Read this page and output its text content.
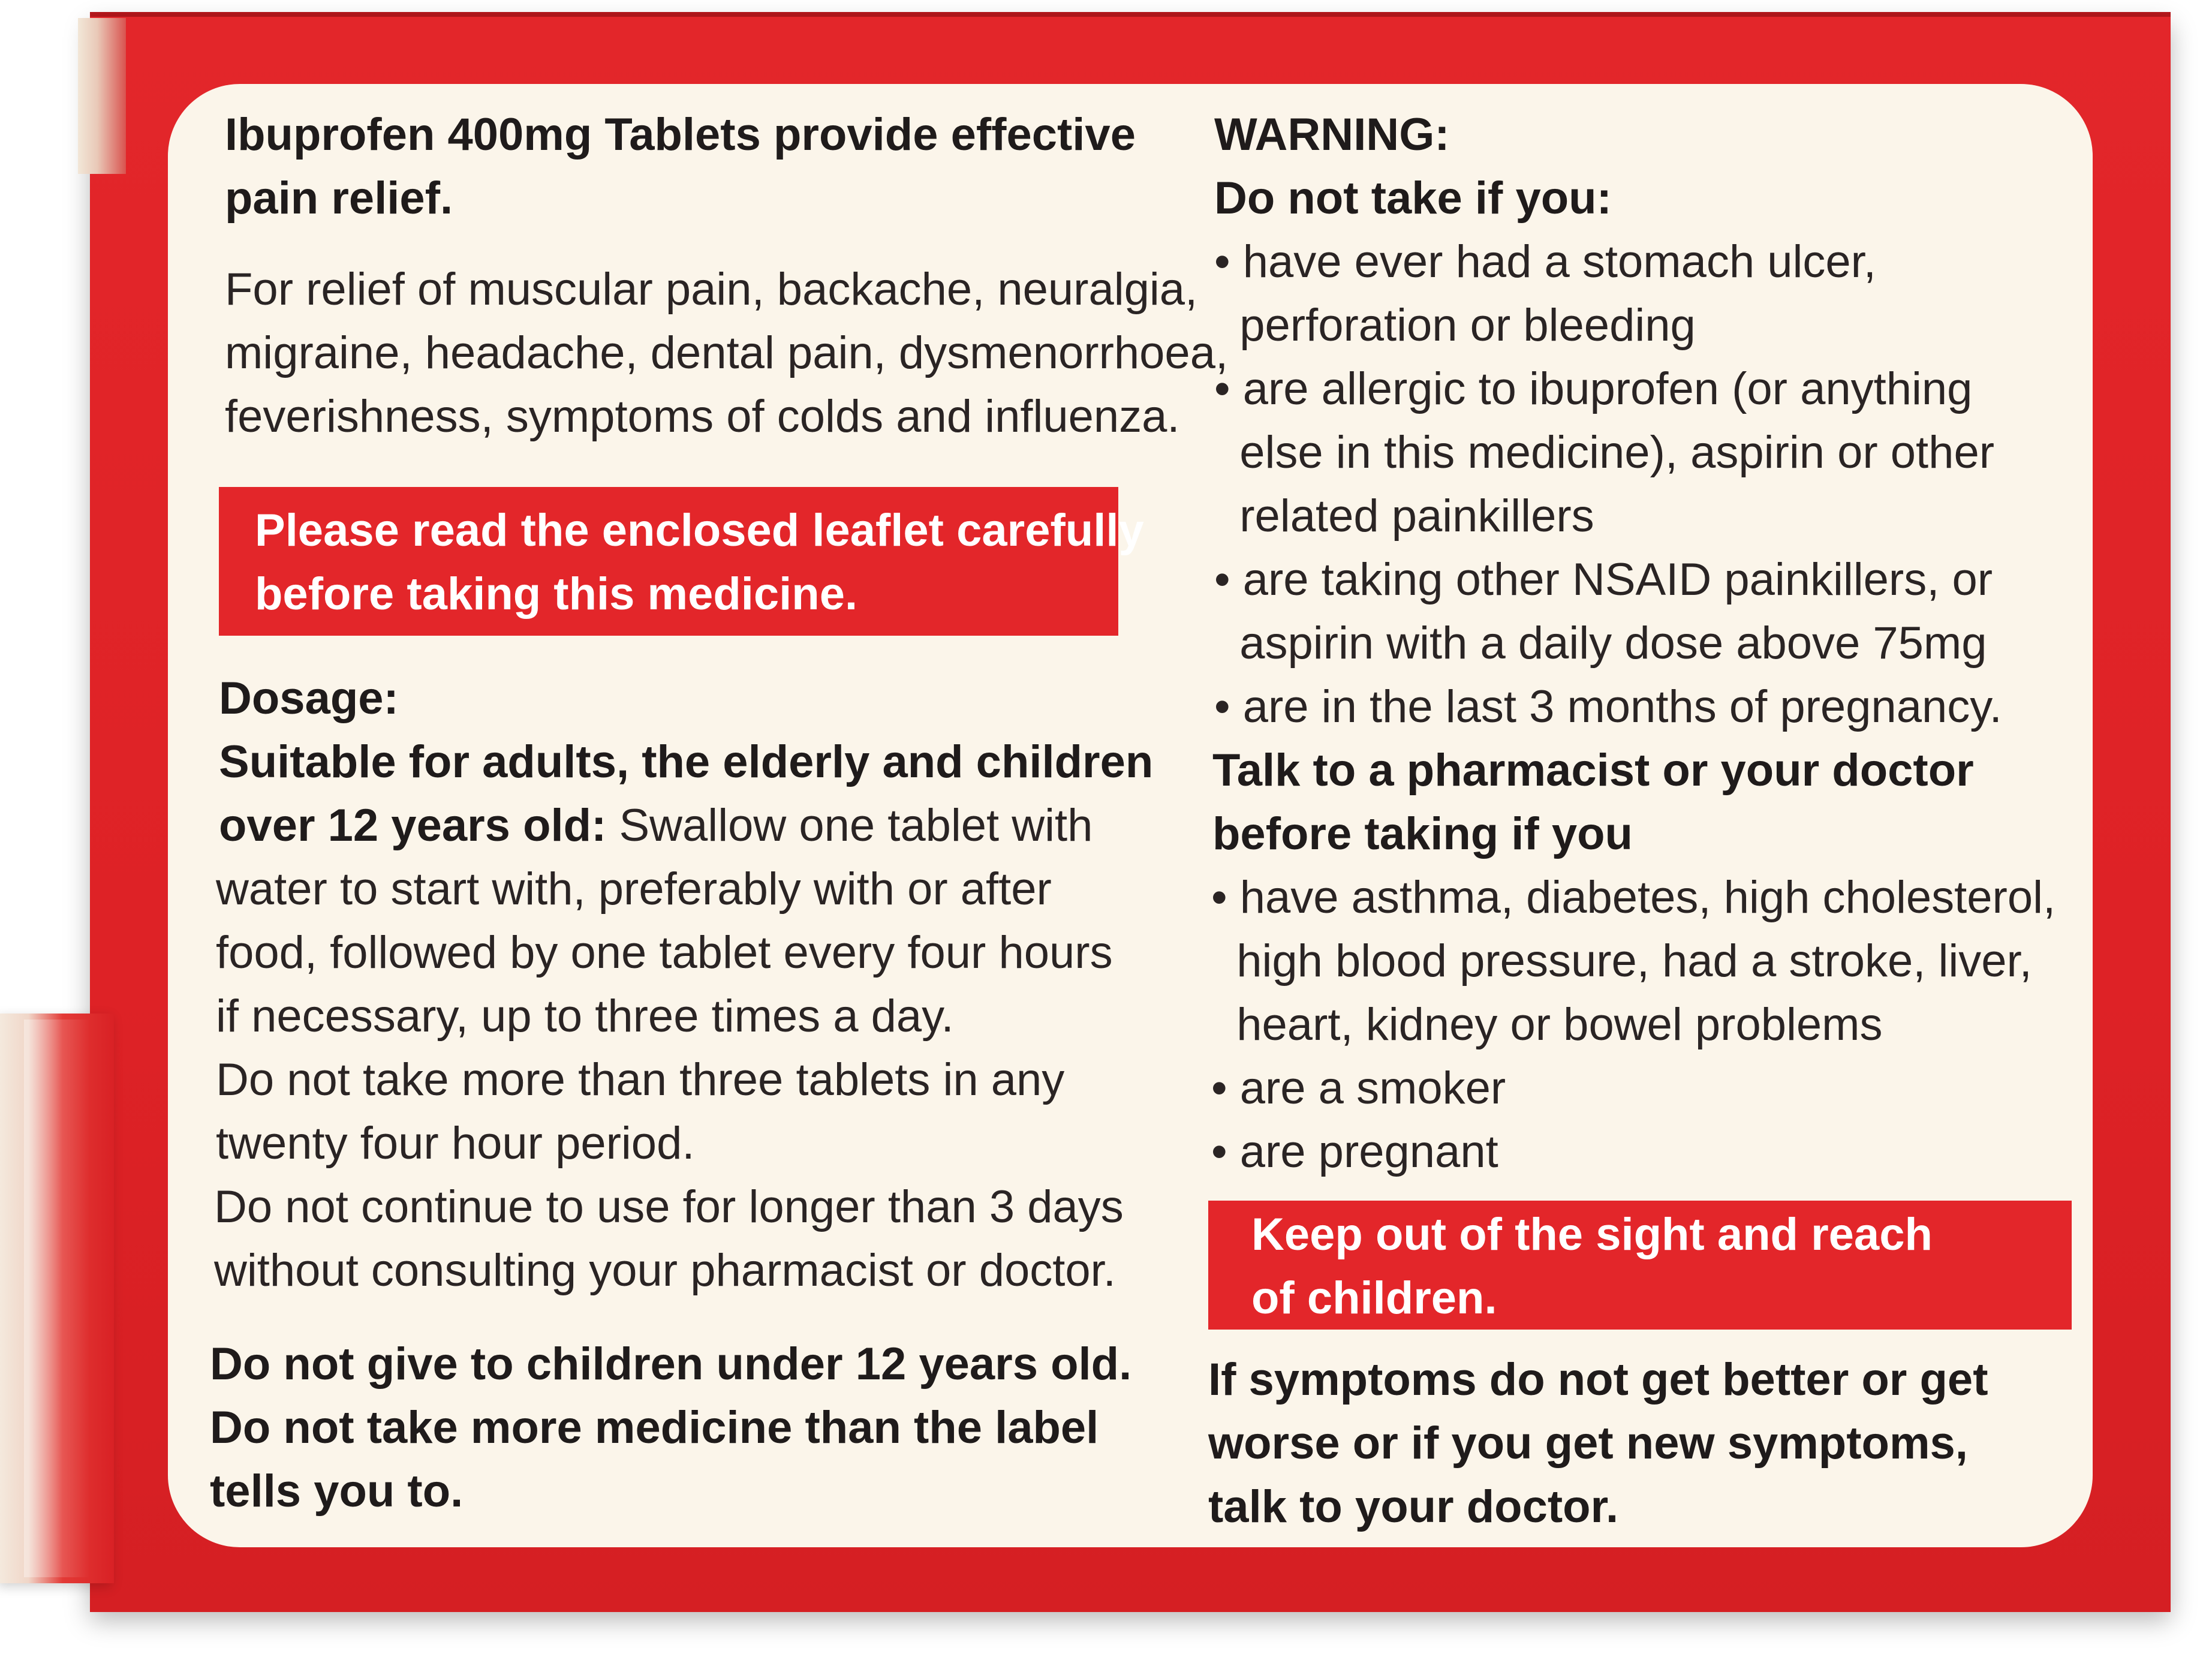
Ibuprofen 400mg Tablets provide effective

pain relief.

For relief of muscular pain, backache, neuralgia,

migraine, headache, dental pain, dysmenorrhoea,

feverishness, symptoms of colds and influenza.

Please read the enclosed leaflet carefully

before taking this medicine.

Dosage:

Suitable for adults, the elderly and children

over 12 years old: Swallow one tablet with

water to start with, preferably with or after

food, followed by one tablet every four hours

if necessary, up to three times a day.

Do not take more than three tablets in any

twenty four hour period.

Do not continue to use for longer than 3 days

without consulting your pharmacist or doctor.

Do not give to children under 12 years old.

Do not take more medicine than the label

tells you to.

WARNING:

Do not take if you:

• have ever had a stomach ulcer,

perforation or bleeding

• are allergic to ibuprofen (or anything

else in this medicine), aspirin or other

related painkillers

• are taking other NSAID painkillers, or

aspirin with a daily dose above 75mg

• are in the last 3 months of pregnancy.

Talk to a pharmacist or your doctor

before taking if you

• have asthma, diabetes, high cholesterol,

high blood pressure, had a stroke, liver,

heart, kidney or bowel problems

• are a smoker

• are pregnant

Keep out of the sight and reach

of children.

If symptoms do not get better or get

worse or if you get new symptoms,

talk to your doctor.
